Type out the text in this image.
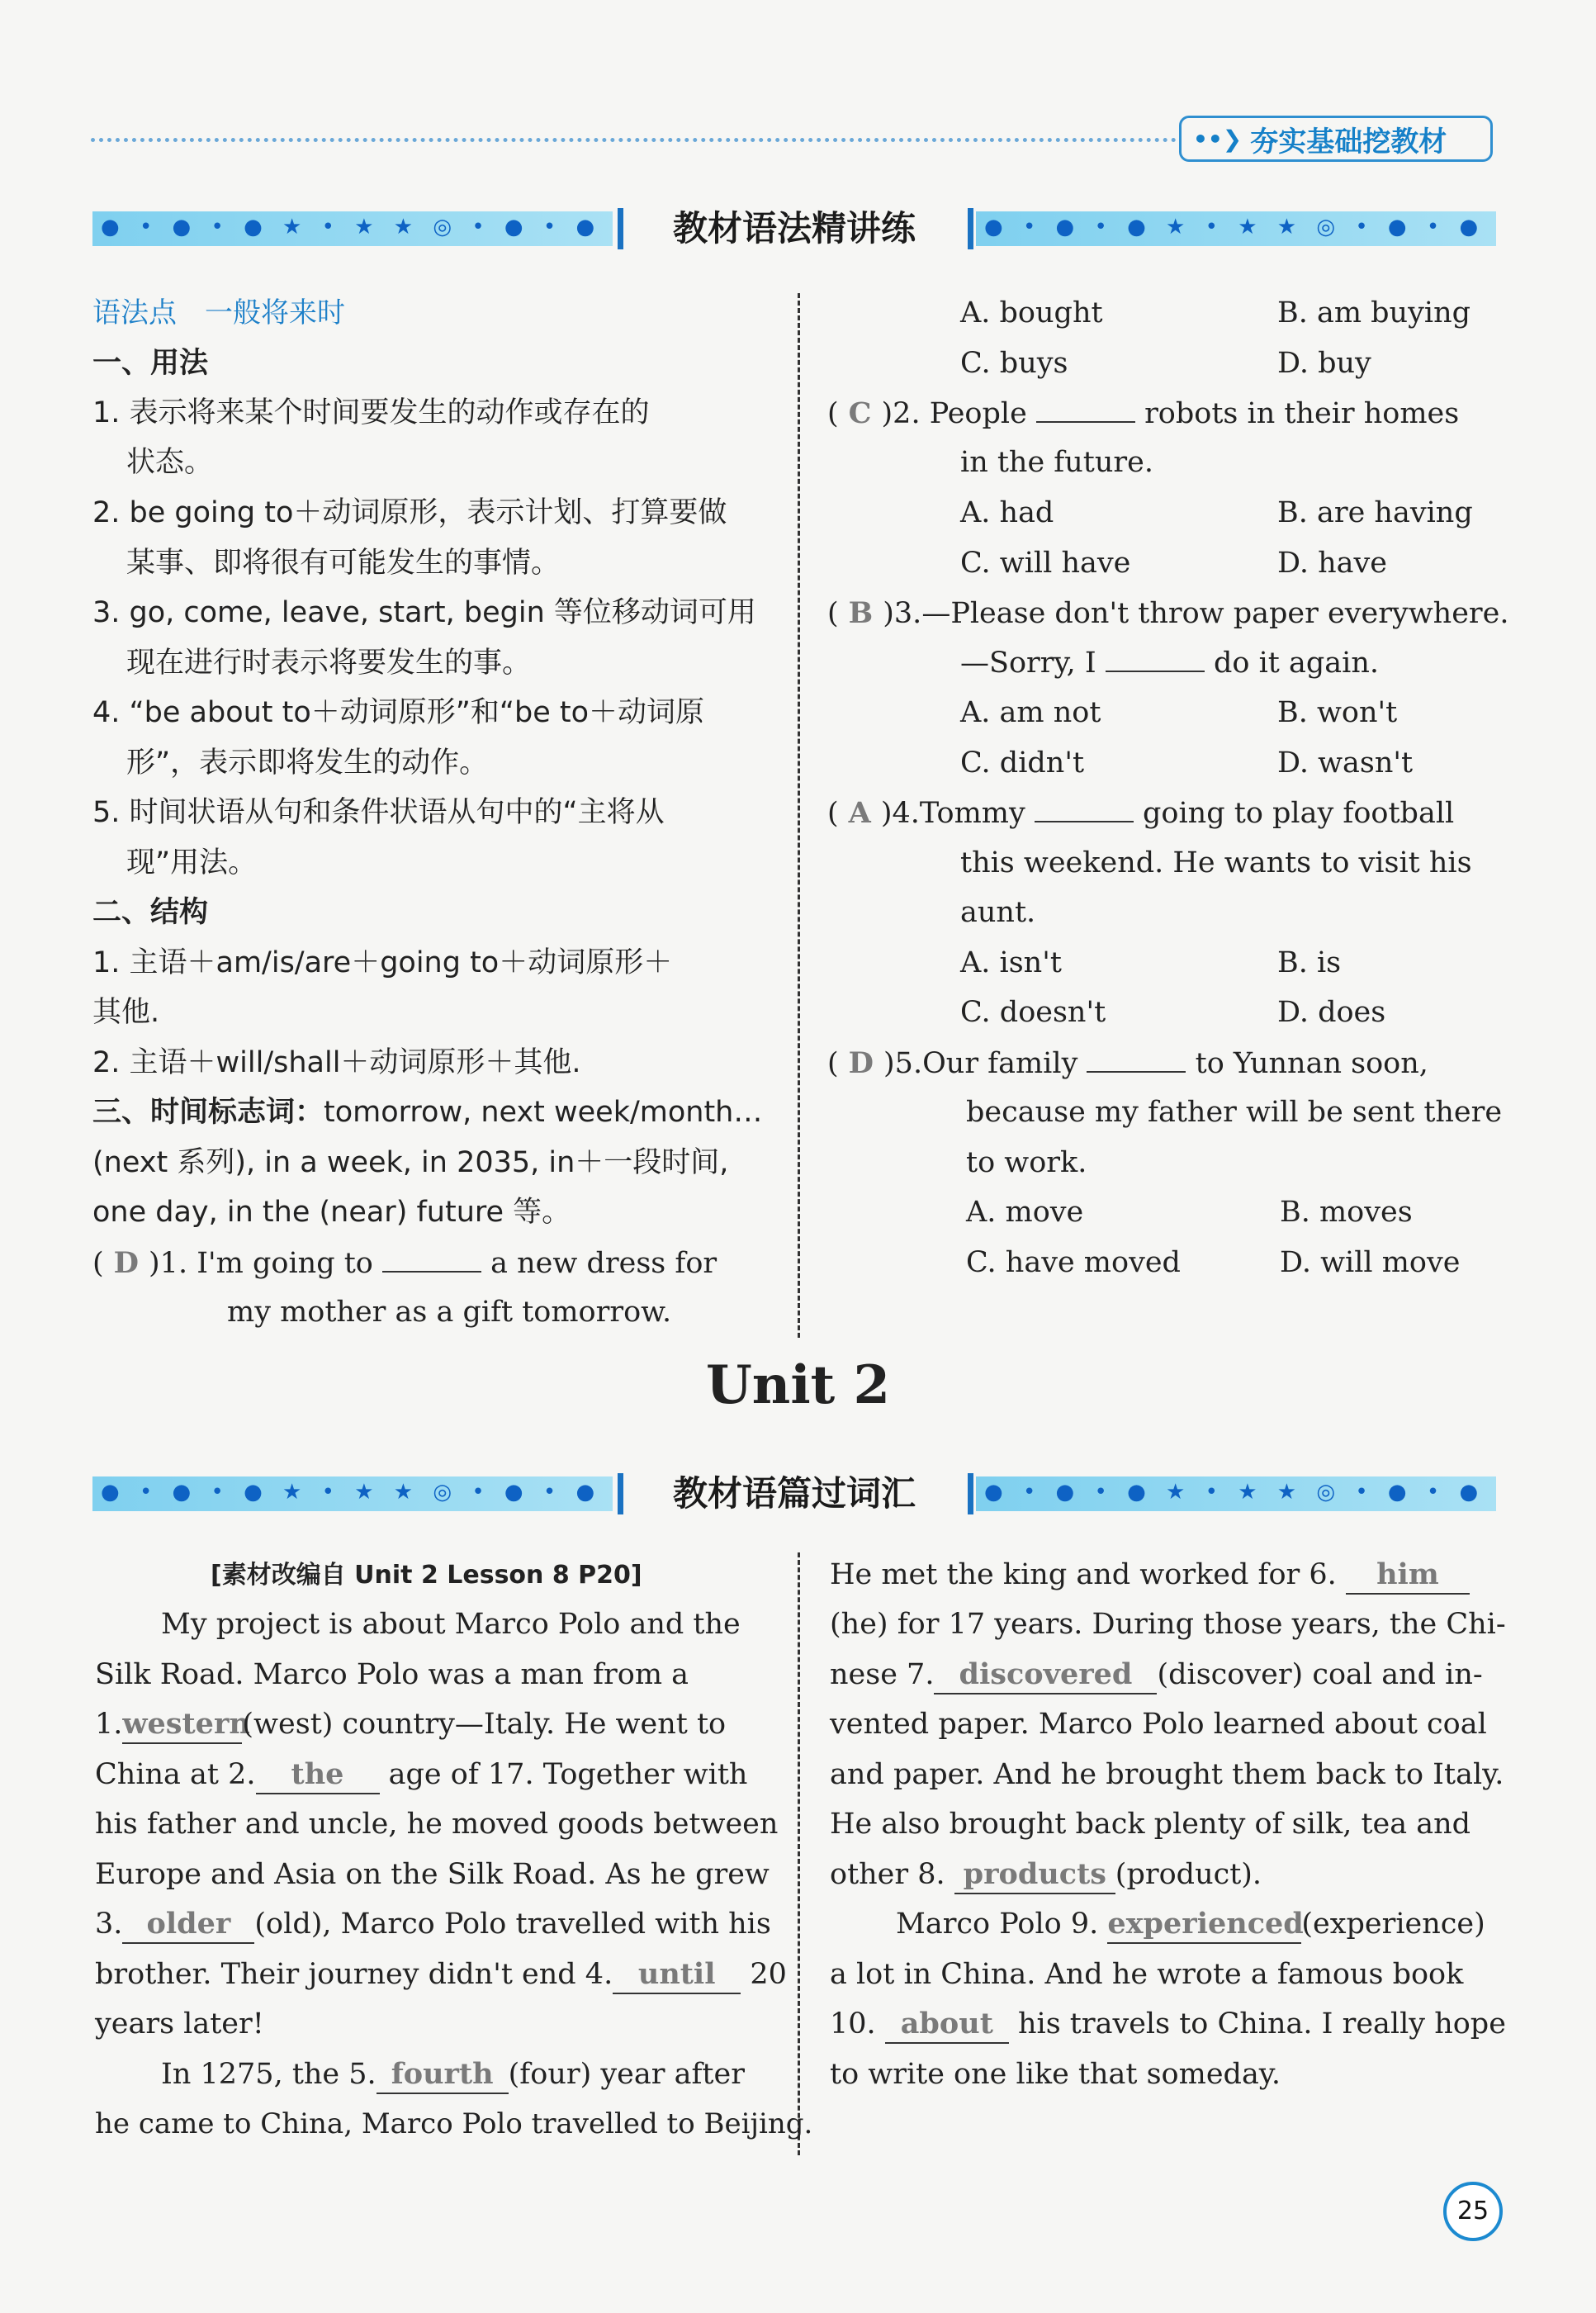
••❯ 夯实基础挖教材
● • ● • ● ★ • ★ ★ ◎ • ● • ● • ★ • ● • ● ★
教材语法精讲练
● • ● • ● ★ • ★ ★ ◎ • ● • ● • ★ • ● • ● ★
语法点　一般将来时
一、用法
1. 表示将来某个时间要发生的动作或存在的
状态。
2. be going to＋动词原形，表示计划、打算要做
某事、即将很有可能发生的事情。
3. go, come, leave, start, begin 等位移动词可用
现在进行时表示将要发生的事。
4. “be about to＋动词原形”和“be to＋动词原
形”，表示即将发生的动作。
5. 时间状语从句和条件状语从句中的“主将从
现”用法。
二、结构
1. 主语＋am/is/are＋going to＋动词原形＋
其他.
2. 主语＋will/shall＋动词原形＋其他.
三、时间标志词：tomorrow, next week/month…
(next 系列), in a week, in 2035, in＋一段时间,
one day, in the (near) future 等。
( D )1. I'm going to	a new dress for
my mother as a gift tomorrow.
A. bought	B. am buying
C. buys	D. buy
( C )2. People	robots in their homes
in the future.
A. had	B. are having
C. will have	D. have
( B )3.—Please don't throw paper everywhere.
—Sorry, I	do it again.
A. am not	B. won't
C. didn't	D. wasn't
( A )4.Tommy	going to play football
this weekend. He wants to visit his
aunt.
A. isn't	B. is
C. doesn't	D. does
( D )5.Our family	to Yunnan soon,
because my father will be sent there
to work.
A. move	B. moves
C. have moved	D. will move
Unit 2
● • ● • ● ★ • ★ ★ ◎ • ● • ● • ★ • ● • ● ★
教材语篇过词汇
● • ● • ● ★ • ★ ★ ◎ • ● • ● • ★ • ● • ● ★
[素材改编自 Unit 2 Lesson 8 P20]
My project is about Marco Polo and the
Silk Road. Marco Polo was a man from a
1.western(west) country—Italy. He went to
China at 2. the age of 17. Together with
his father and uncle, he moved goods between
Europe and Asia on the Silk Road. As he grew
3. older (old), Marco Polo travelled with his
brother. Their journey didn't end 4. until 20
years later!
In 1275, the 5. fourth (four) year after
he came to China, Marco Polo travelled to Beijing.
He met the king and worked for 6. him
(he) for 17 years. During those years, the Chi-
nese 7. discovered (discover) coal and in-
vented paper. Marco Polo learned about coal
and paper. And he brought them back to Italy.
He also brought back plenty of silk, tea and
other 8. products (product).
Marco Polo 9. experienced(experience)
a lot in China. And he wrote a famous book
10. about his travels to China. I really hope
to write one like that someday.
25
